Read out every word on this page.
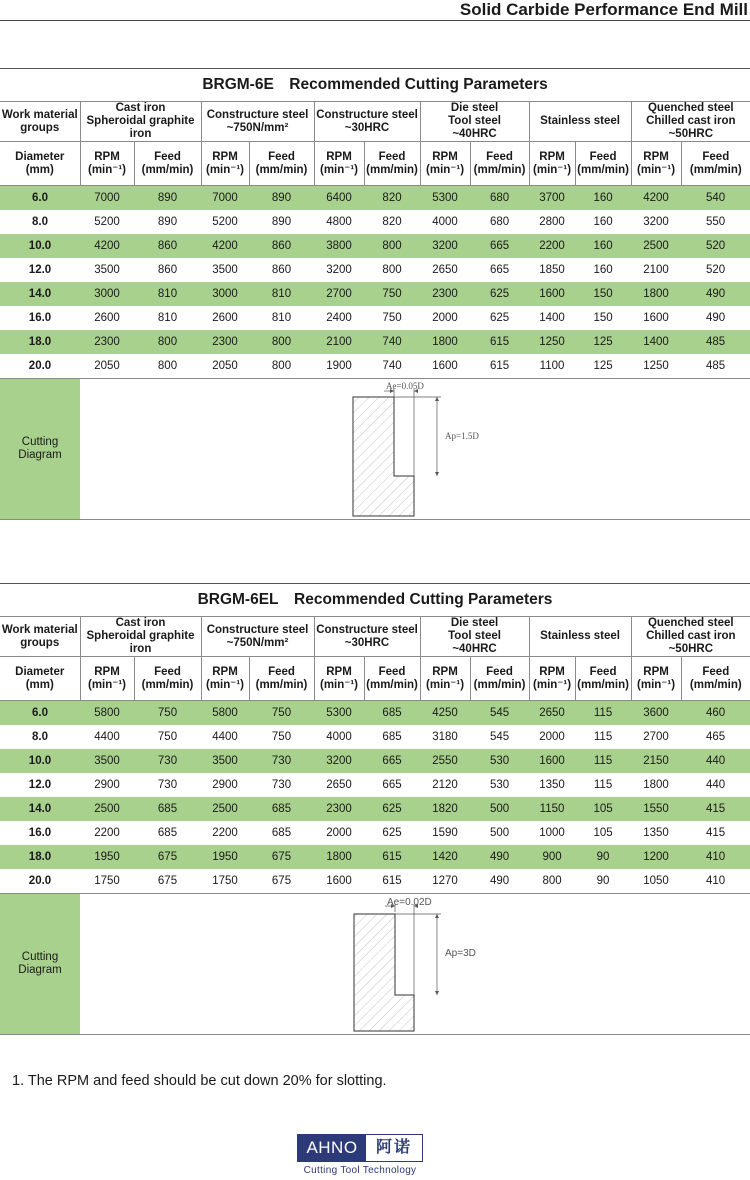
Solid Carbide Performance End Mill
BRGM-6E Recommended Cutting Parameters
Work material
groups	Cast iron
Spheroidal graphite
iron		Constructure steel
~750N/mm²		Constructure steel
~30HRC		Die steel
Tool steel
~40HRC		Stainless steel		Quenched steel
Chilled cast iron
~50HRC	
Diameter
(mm)	RPM
(min⁻¹)	Feed
(mm/min)	RPM
(min⁻¹)	Feed
(mm/min)	RPM
(min⁻¹)	Feed
(mm/min)	RPM
(min⁻¹)	Feed
(mm/min)	RPM
(min⁻¹)	Feed
(mm/min)	RPM
(min⁻¹)	Feed
(mm/min)
6.0	7000	890	7000	890	6400	820	5300	680	3700	160	4200	540
8.0	5200	890	5200	890	4800	820	4000	680	2800	160	3200	550
10.0	4200	860	4200	860	3800	800	3200	665	2200	160	2500	520
12.0	3500	860	3500	860	3200	800	2650	665	1850	160	2100	520
14.0	3000	810	3000	810	2700	750	2300	625	1600	150	1800	490
16.0	2600	810	2600	810	2400	750	2000	625	1400	150	1600	490
18.0	2300	800	2300	800	2100	740	1800	615	1250	125	1400	485
20.0	2050	800	2050	800	1900	740	1600	615	1100	125	1250	485
Cutting
Diagram	Ae=0.05D
Ap=1.5D											
BRGM-6EL Recommended Cutting Parameters
Work material
groups	Cast iron
Spheroidal graphite
iron		Constructure steel
~750N/mm²		Constructure steel
~30HRC		Die steel
Tool steel
~40HRC		Stainless steel		Quenched steel
Chilled cast iron
~50HRC	
Diameter
(mm)	RPM
(min⁻¹)	Feed
(mm/min)	RPM
(min⁻¹)	Feed
(mm/min)	RPM
(min⁻¹)	Feed
(mm/min)	RPM
(min⁻¹)	Feed
(mm/min)	RPM
(min⁻¹)	Feed
(mm/min)	RPM
(min⁻¹)	Feed
(mm/min)
6.0	5800	750	5800	750	5300	685	4250	545	2650	115	3600	460
8.0	4400	750	4400	750	4000	685	3180	545	2000	115	2700	465
10.0	3500	730	3500	730	3200	665	2550	530	1600	115	2150	440
12.0	2900	730	2900	730	2650	665	2120	530	1350	115	1800	440
14.0	2500	685	2500	685	2300	625	1820	500	1150	105	1550	415
16.0	2200	685	2200	685	2000	625	1590	500	1000	105	1350	415
18.0	1950	675	1950	675	1800	615	1420	490	900	90	1200	410
20.0	1750	675	1750	675	1600	615	1270	490	800	90	1050	410
Cutting
Diagram	Ae=0.02D
Ap=3D											
1. The RPM and feed should be cut down 20% for slotting.
AHNO	阿诺
Cutting Tool Technology
